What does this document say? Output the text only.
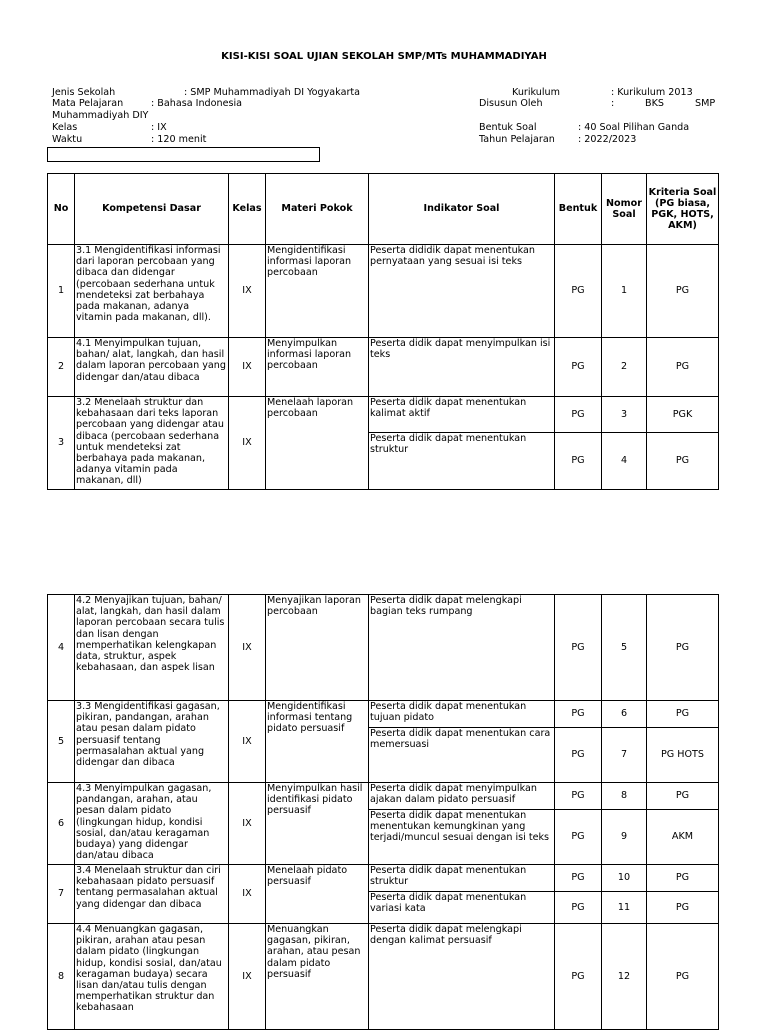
KISI-KISI SOAL UJIAN SEKOLAH SMP/MTs MUHAMMADIYAH
Jenis Sekolah	: SMP Muhammadiyah DI Yogyakarta
Mata Pelajaran	: Bahasa Indonesia
Muhammadiyah DIY
Kelas	: IX
Waktu	: 120 menit
Kurikulum	: Kurikulum 2013
Disusun Oleh	:	BKS	SMP
Bentuk Soal	: 40 Soal Pilihan Ganda
Tahun Pelajaran : 2022/2023
No	Kompetensi Dasar	Kelas	Materi Pokok	Indikator Soal	Bentuk	Nomor Soal	Kriteria Soal (PG biasa, PGK, HOTS, AKM)
1	3.1 Mengidentifikasi informasi dari laporan percobaan yang dibaca dan didengar (percobaan sederhana untuk mendeteksi zat berbahaya pada makanan, adanya vitamin pada makanan, dll).	IX	Mengidentifikasi informasi laporan percobaan	Peserta dididik dapat menentukan pernyataan yang sesuai isi teks	PG	1	PG
2	4.1 Menyimpulkan tujuan, bahan/ alat, langkah, dan hasil dalam laporan percobaan yang didengar dan/atau dibaca	IX	Menyimpulkan informasi laporan percobaan	Peserta didik dapat menyimpulkan isi teks	PG	2	PG
3	3.2 Menelaah struktur dan kebahasaan dari teks laporan percobaan yang didengar atau dibaca (percobaan sederhana untuk mendeteksi zat berbahaya pada makanan, adanya vitamin pada makanan, dll)	IX	Menelaah laporan percobaan	Peserta didik dapat menentukan kalimat aktif	PG	3	PGK
				Peserta didik dapat menentukan struktur	PG	4	PG
4	4.2 Menyajikan tujuan, bahan/ alat, langkah, dan hasil dalam laporan percobaan secara tulis dan lisan dengan memperhatikan kelengkapan data, struktur, aspek kebahasaan, dan aspek lisan	IX	Menyajikan laporan percobaan	Peserta didik dapat melengkapi bagian teks rumpang	PG	5	PG
5	3.3 Mengidentifikasi gagasan, pikiran, pandangan, arahan atau pesan dalam pidato persuasif tentang permasalahan aktual yang didengar dan dibaca	IX	Mengidentifikasi informasi tentang pidato persuasif	Peserta didik dapat menentukan tujuan pidato	PG	6	PG
				Peserta didik dapat menentukan cara memersuasi	PG	7	PG HOTS
6	4.3 Menyimpulkan gagasan, pandangan, arahan, atau pesan dalam pidato (lingkungan hidup, kondisi sosial, dan/atau keragaman budaya) yang didengar dan/atau dibaca	IX	Menyimpulkan hasil identifikasi pidato persuasif	Peserta didik dapat menyimpulkan ajakan dalam pidato persuasif	PG	8	PG
				Peserta didik dapat menentukan menentukan kemungkinan yang terjadi/muncul sesuai dengan isi teks	PG	9	AKM
7	3.4 Menelaah struktur dan ciri kebahasaan pidato persuasif tentang permasalahan aktual yang didengar dan dibaca	IX	Menelaah pidato persuasif	Peserta didik dapat menentukan struktur	PG	10	PG
				Peserta didik dapat menentukan variasi kata	PG	11	PG
8	4.4 Menuangkan gagasan, pikiran, arahan atau pesan dalam pidato (lingkungan hidup, kondisi sosial, dan/atau keragaman budaya) secara lisan dan/atau tulis dengan memperhatikan struktur dan kebahasaan	IX	Menuangkan gagasan, pikiran, arahan, atau pesan dalam pidato persuasif	Peserta didik dapat melengkapi dengan kalimat persuasif	PG	12	PG
